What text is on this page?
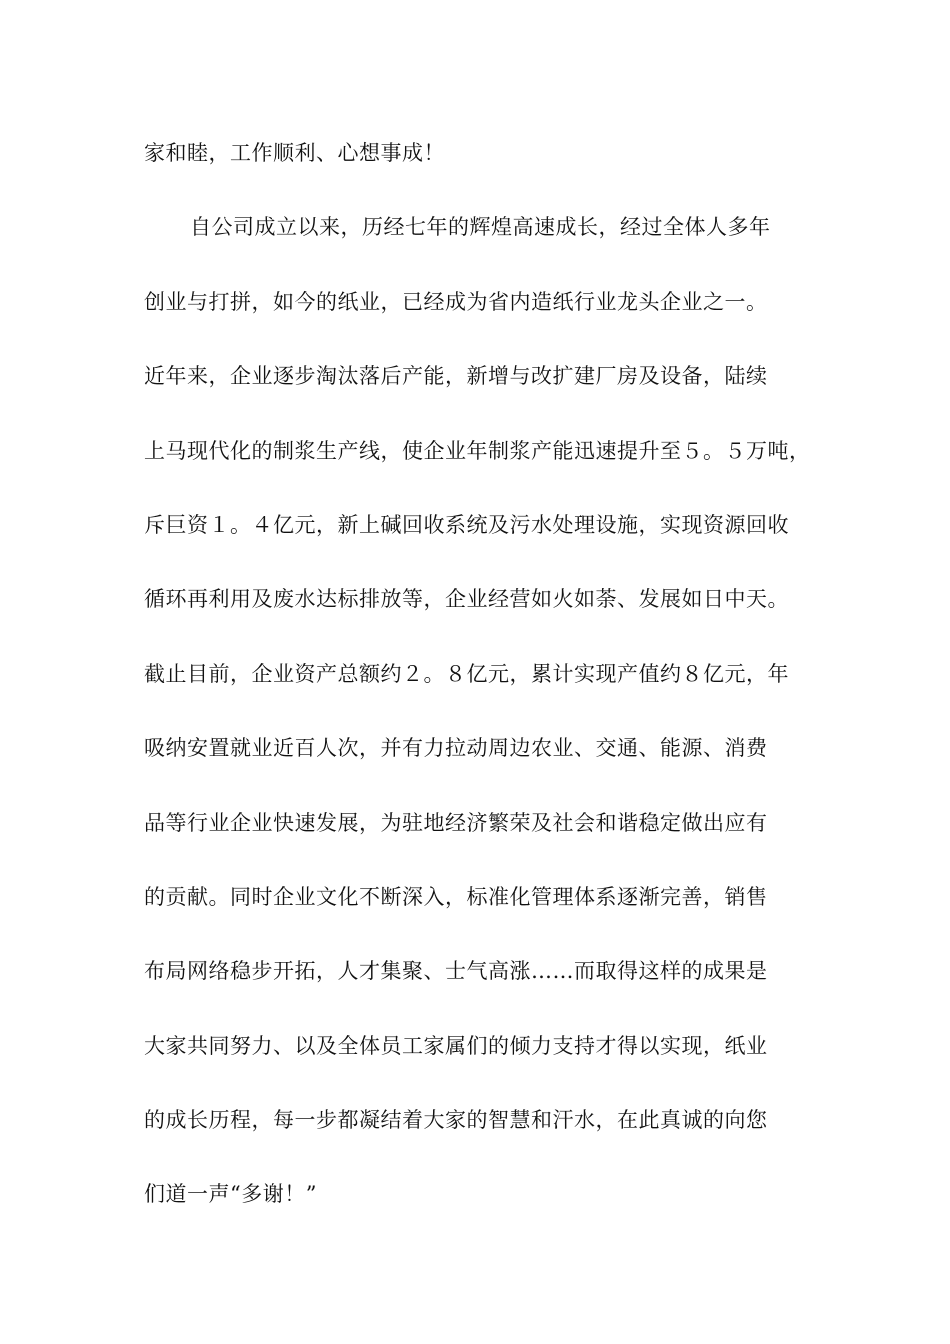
家和睦，工作顺利、心想事成！
自公司成立以来，历经七年的辉煌高速成长，经过全体人多年
创业与打拼，如今的纸业，已经成为省内造纸行业龙头企业之一。
近年来，企业逐步淘汰落后产能，新增与改扩建厂房及设备，陆续
上马现代化的制浆生产线，使企业年制浆产能迅速提升至５。５万吨，
斥巨资１。４亿元，新上碱回收系统及污水处理设施，实现资源回收
循环再利用及废水达标排放等，企业经营如火如荼、发展如日中天。
截止目前，企业资产总额约２。８亿元，累计实现产值约８亿元，年
吸纳安置就业近百人次，并有力拉动周边农业、交通、能源、消费
品等行业企业快速发展，为驻地经济繁荣及社会和谐稳定做出应有
的贡献。同时企业文化不断深入，标准化管理体系逐渐完善，销售
布局网络稳步开拓，人才集聚、士气高涨……而取得这样的成果是
大家共同努力、以及全体员工家属们的倾力支持才得以实现，纸业
的成长历程，每一步都凝结着大家的智慧和汗水，在此真诚的向您
们道一声“多谢！”
